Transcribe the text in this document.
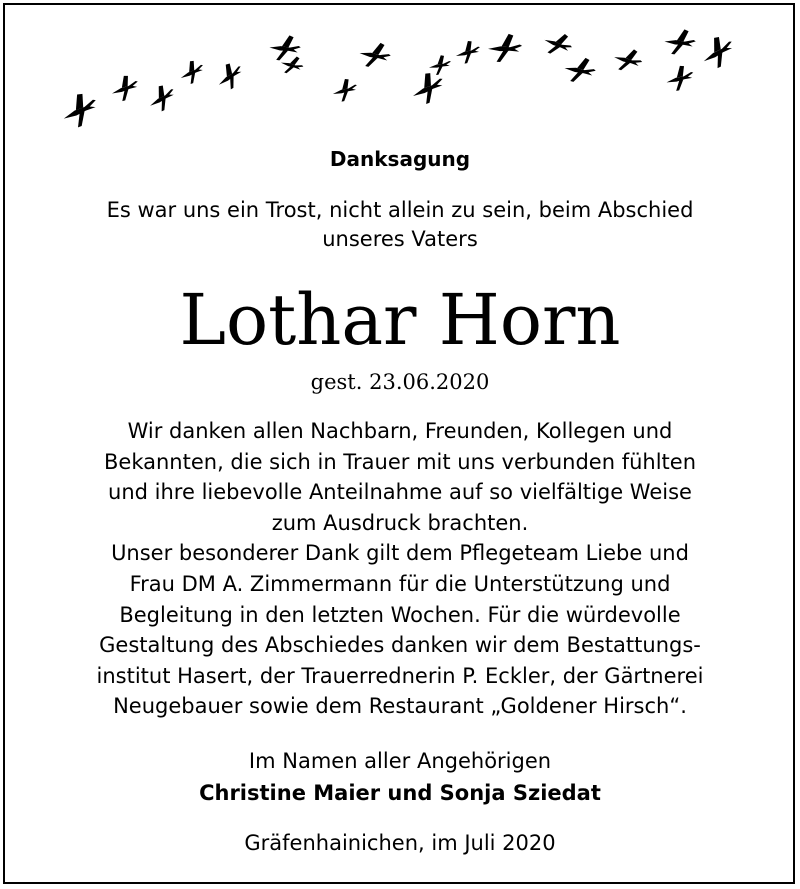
Danksagung
Es war uns ein Trost, nicht allein zu sein, beim Abschied
unseres Vaters
Lothar Horn
gest. 23.06.2020
Wir danken allen Nachbarn, Freunden, Kollegen und
Bekannten, die sich in Trauer mit uns verbunden fühlten
und ihre liebevolle Anteilnahme auf so vielfältige Weise
zum Ausdruck brachten.
Unser besonderer Dank gilt dem Pflegeteam Liebe und
Frau DM A. Zimmermann für die Unterstützung und
Begleitung in den letzten Wochen. Für die würdevolle
Gestaltung des Abschiedes danken wir dem Bestattungs-
institut Hasert, der Trauerrednerin P. Eckler, der Gärtnerei
Neugebauer sowie dem Restaurant „Goldener Hirsch“.
Im Namen aller Angehörigen
Christine Maier und Sonja Sziedat
Gräfenhainichen, im Juli 2020
